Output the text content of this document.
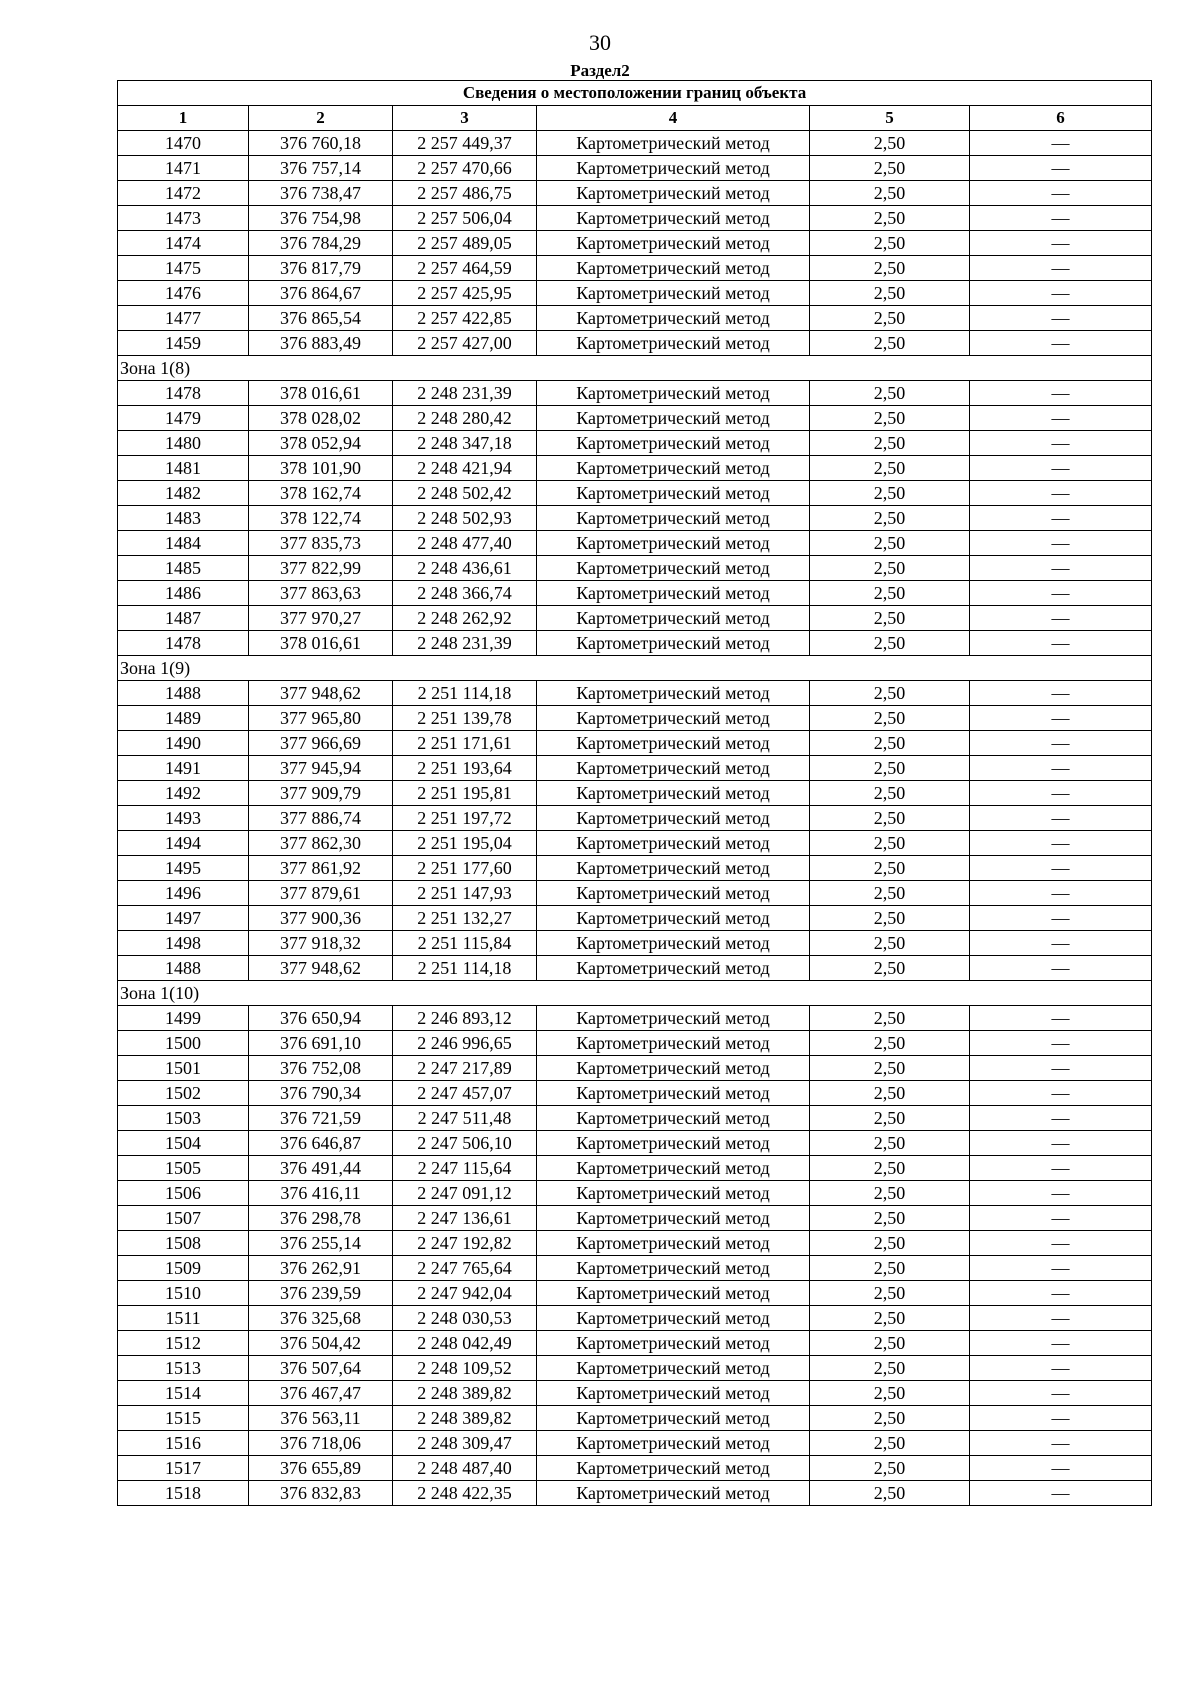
30
Раздел2
Сведения о местоположении границ объекта					
1	2	3	4	5	6
1470	376 760,18	2 257 449,37	Картометрический метод	2,50	—
1471	376 757,14	2 257 470,66	Картометрический метод	2,50	—
1472	376 738,47	2 257 486,75	Картометрический метод	2,50	—
1473	376 754,98	2 257 506,04	Картометрический метод	2,50	—
1474	376 784,29	2 257 489,05	Картометрический метод	2,50	—
1475	376 817,79	2 257 464,59	Картометрический метод	2,50	—
1476	376 864,67	2 257 425,95	Картометрический метод	2,50	—
1477	376 865,54	2 257 422,85	Картометрический метод	2,50	—
1459	376 883,49	2 257 427,00	Картометрический метод	2,50	—
Зона 1(8)					
1478	378 016,61	2 248 231,39	Картометрический метод	2,50	—
1479	378 028,02	2 248 280,42	Картометрический метод	2,50	—
1480	378 052,94	2 248 347,18	Картометрический метод	2,50	—
1481	378 101,90	2 248 421,94	Картометрический метод	2,50	—
1482	378 162,74	2 248 502,42	Картометрический метод	2,50	—
1483	378 122,74	2 248 502,93	Картометрический метод	2,50	—
1484	377 835,73	2 248 477,40	Картометрический метод	2,50	—
1485	377 822,99	2 248 436,61	Картометрический метод	2,50	—
1486	377 863,63	2 248 366,74	Картометрический метод	2,50	—
1487	377 970,27	2 248 262,92	Картометрический метод	2,50	—
1478	378 016,61	2 248 231,39	Картометрический метод	2,50	—
Зона 1(9)					
1488	377 948,62	2 251 114,18	Картометрический метод	2,50	—
1489	377 965,80	2 251 139,78	Картометрический метод	2,50	—
1490	377 966,69	2 251 171,61	Картометрический метод	2,50	—
1491	377 945,94	2 251 193,64	Картометрический метод	2,50	—
1492	377 909,79	2 251 195,81	Картометрический метод	2,50	—
1493	377 886,74	2 251 197,72	Картометрический метод	2,50	—
1494	377 862,30	2 251 195,04	Картометрический метод	2,50	—
1495	377 861,92	2 251 177,60	Картометрический метод	2,50	—
1496	377 879,61	2 251 147,93	Картометрический метод	2,50	—
1497	377 900,36	2 251 132,27	Картометрический метод	2,50	—
1498	377 918,32	2 251 115,84	Картометрический метод	2,50	—
1488	377 948,62	2 251 114,18	Картометрический метод	2,50	—
Зона 1(10)					
1499	376 650,94	2 246 893,12	Картометрический метод	2,50	—
1500	376 691,10	2 246 996,65	Картометрический метод	2,50	—
1501	376 752,08	2 247 217,89	Картометрический метод	2,50	—
1502	376 790,34	2 247 457,07	Картометрический метод	2,50	—
1503	376 721,59	2 247 511,48	Картометрический метод	2,50	—
1504	376 646,87	2 247 506,10	Картометрический метод	2,50	—
1505	376 491,44	2 247 115,64	Картометрический метод	2,50	—
1506	376 416,11	2 247 091,12	Картометрический метод	2,50	—
1507	376 298,78	2 247 136,61	Картометрический метод	2,50	—
1508	376 255,14	2 247 192,82	Картометрический метод	2,50	—
1509	376 262,91	2 247 765,64	Картометрический метод	2,50	—
1510	376 239,59	2 247 942,04	Картометрический метод	2,50	—
1511	376 325,68	2 248 030,53	Картометрический метод	2,50	—
1512	376 504,42	2 248 042,49	Картометрический метод	2,50	—
1513	376 507,64	2 248 109,52	Картометрический метод	2,50	—
1514	376 467,47	2 248 389,82	Картометрический метод	2,50	—
1515	376 563,11	2 248 389,82	Картометрический метод	2,50	—
1516	376 718,06	2 248 309,47	Картометрический метод	2,50	—
1517	376 655,89	2 248 487,40	Картометрический метод	2,50	—
1518	376 832,83	2 248 422,35	Картометрический метод	2,50	—
